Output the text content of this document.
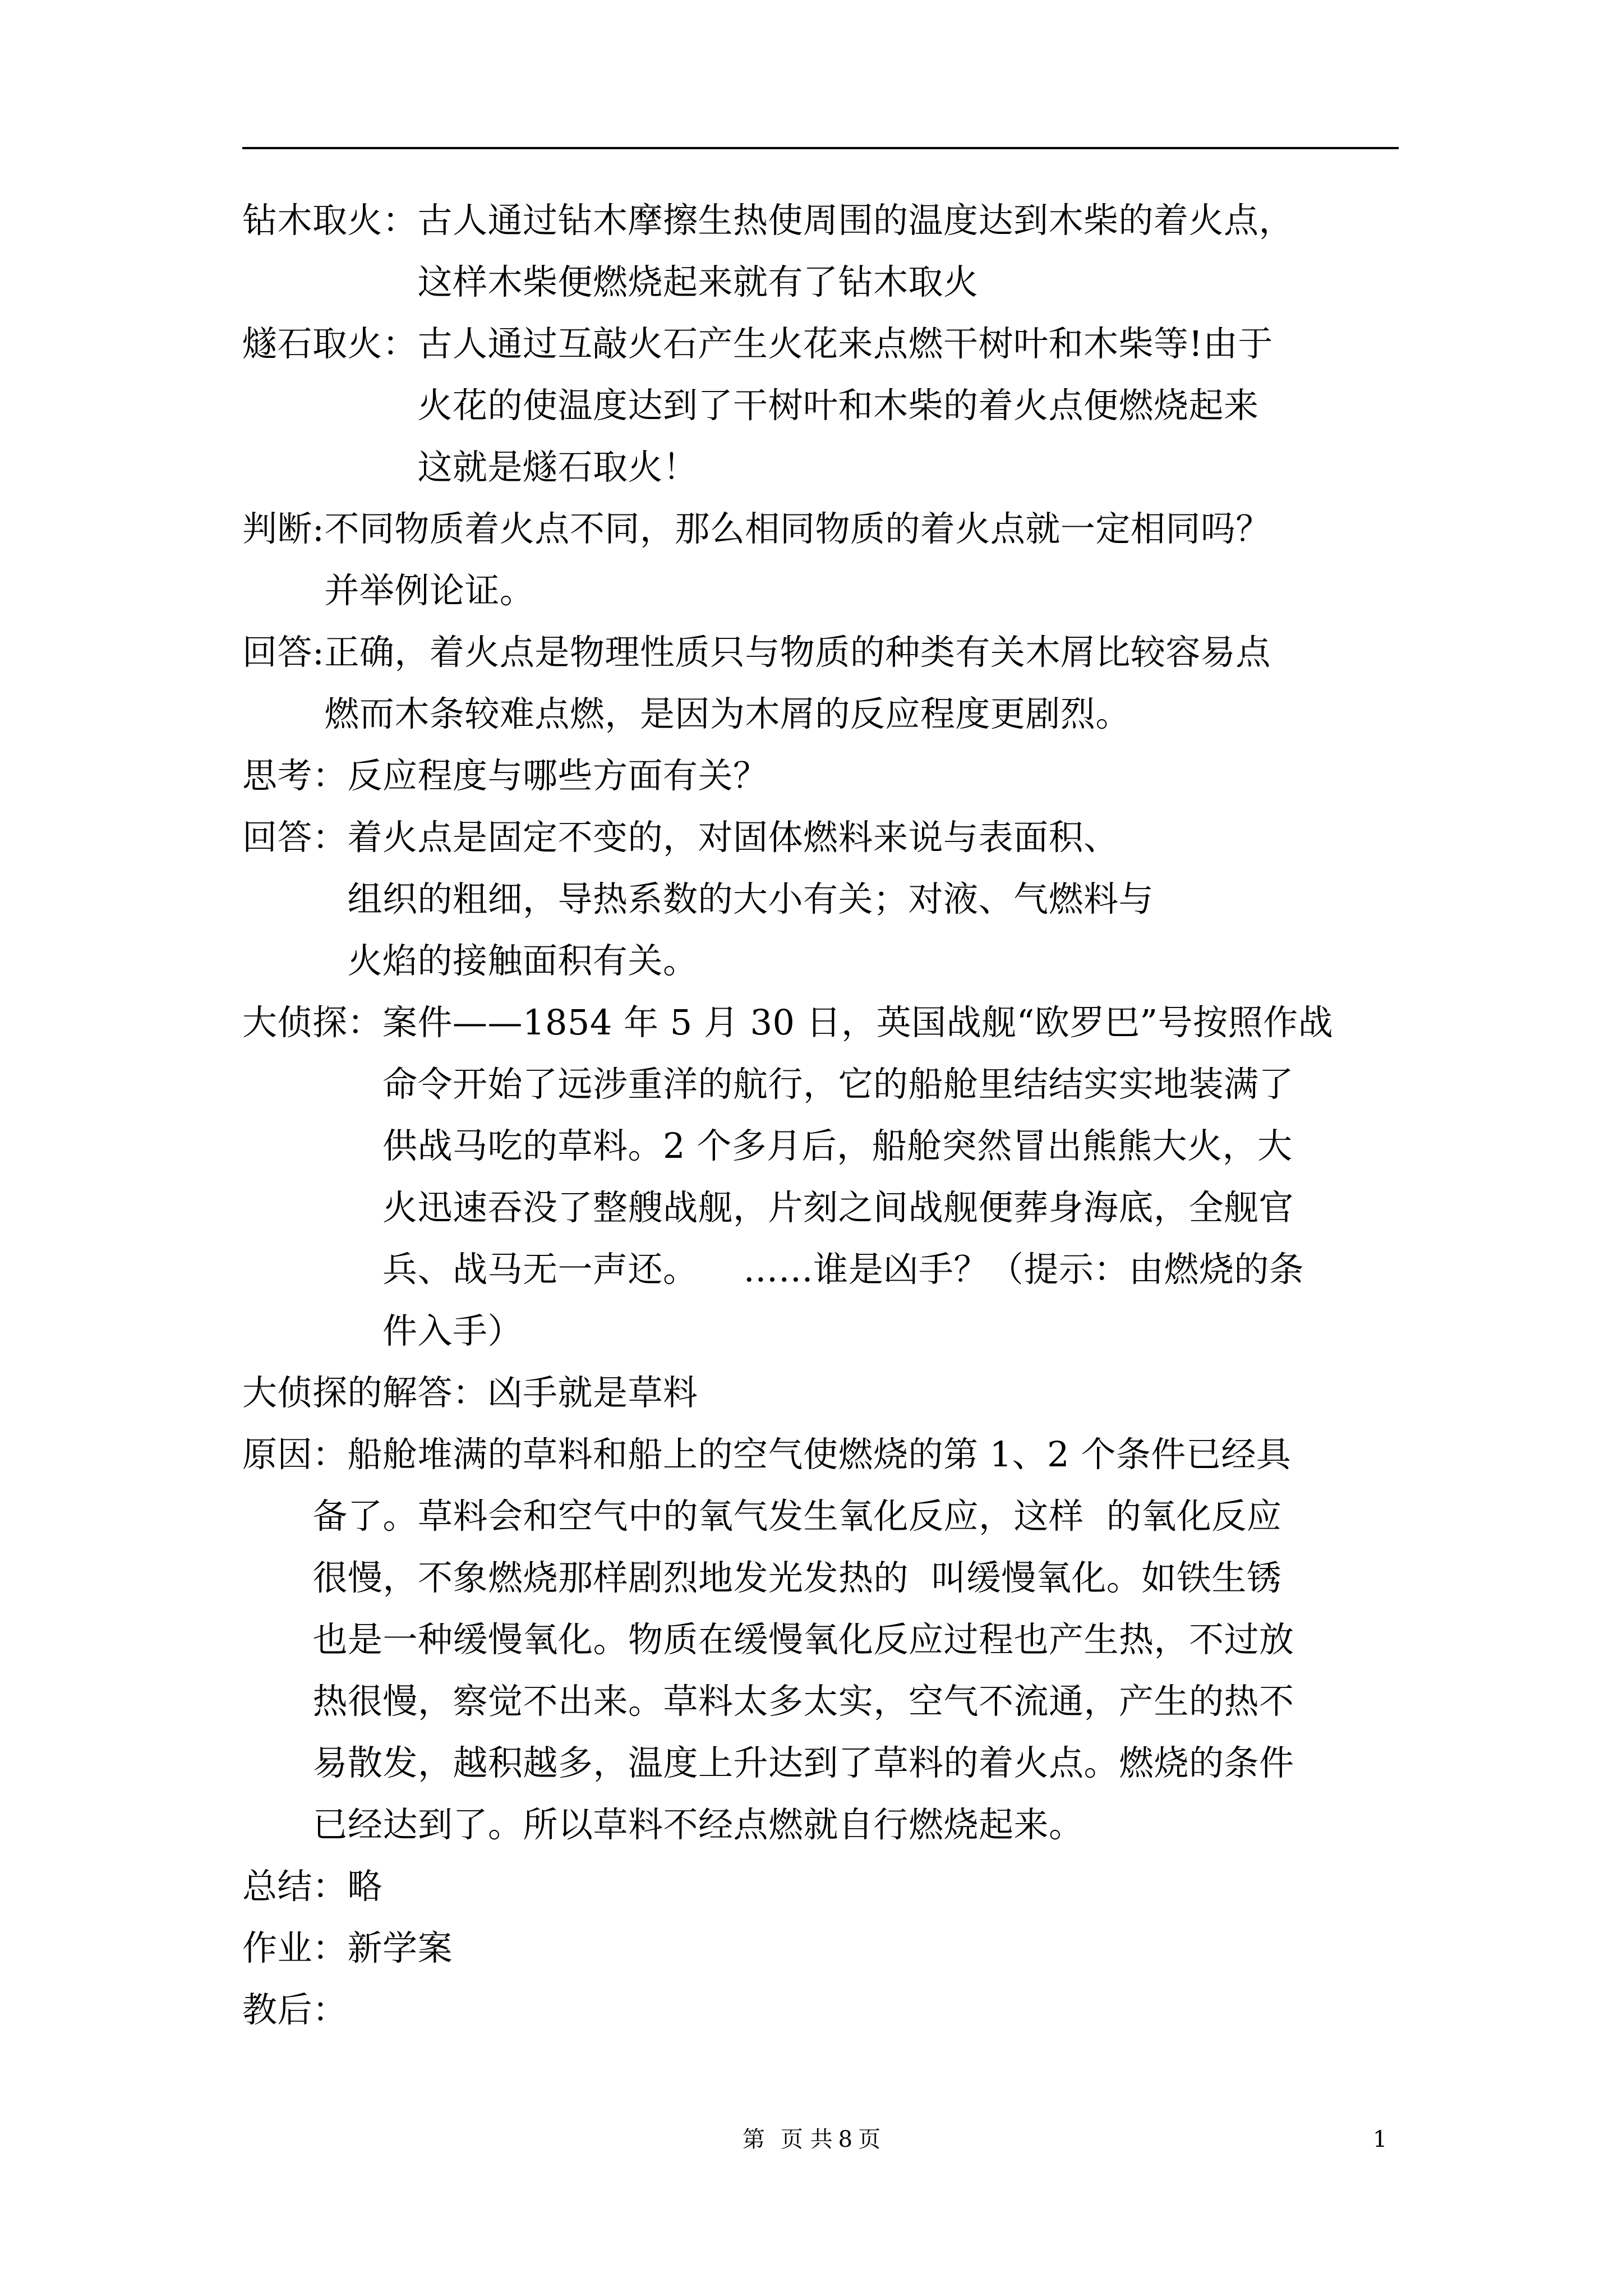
钻木取火： 古人通过钻木摩擦生热使周围的温度达到木柴的着火点，
这样木柴便燃烧起来就有了钻木取火
燧石取火： 古人通过互敲火石产生火花来点燃干树叶和木柴等!由于
火花的使温度达到了干树叶和木柴的着火点便燃烧起来
这就是燧石取火！
判断: 不同物质着火点不同，那么相同物质的着火点就一定相同吗？
并举例论证。
回答: 正确，着火点是物理性质只与物质的种类有关木屑比较容易点
燃而木条较难点燃，是因为木屑的反应程度更剧烈。
思考： 反应程度与哪些方面有关？
回答： 着火点是固定不变的，对固体燃料来说与表面积、
组织的粗细，导热系数的大小有关；对液、气燃料与
火焰的接触面积有关。
大侦探： 案件——1854 年 5 月 30 日，英国战舰“欧罗巴”号按照作战
命令开始了远涉重洋的航行，它的船舱里结结实实地装满了
供战马吃的草料。2 个多月后，船舱突然冒出熊熊大火，大
火迅速吞没了整艘战舰，片刻之间战舰便葬身海底，全舰官
兵、战马无一声还。    ……谁是凶手？（提示：由燃烧的条
件入手）
大侦探的解答： 凶手就是草料
原因： 船舱堆满的草料和船上的空气使燃烧的第 1、2 个条件已经具
备了。草料会和空气中的氧气发生氧化反应，这样  的氧化反应
很慢，不象燃烧那样剧烈地发光发热的  叫缓慢氧化。如铁生锈
也是一种缓慢氧化。物质在缓慢氧化反应过程也产生热，不过放
热很慢，察觉不出来。草料太多太实，空气不流通，产生的热不
易散发，越积越多，温度上升达到了草料的着火点。燃烧的条件
已经达到了。所以草料不经点燃就自行燃烧起来。
总结： 略
作业： 新学案
教后：
第 页 共 8 页	1
